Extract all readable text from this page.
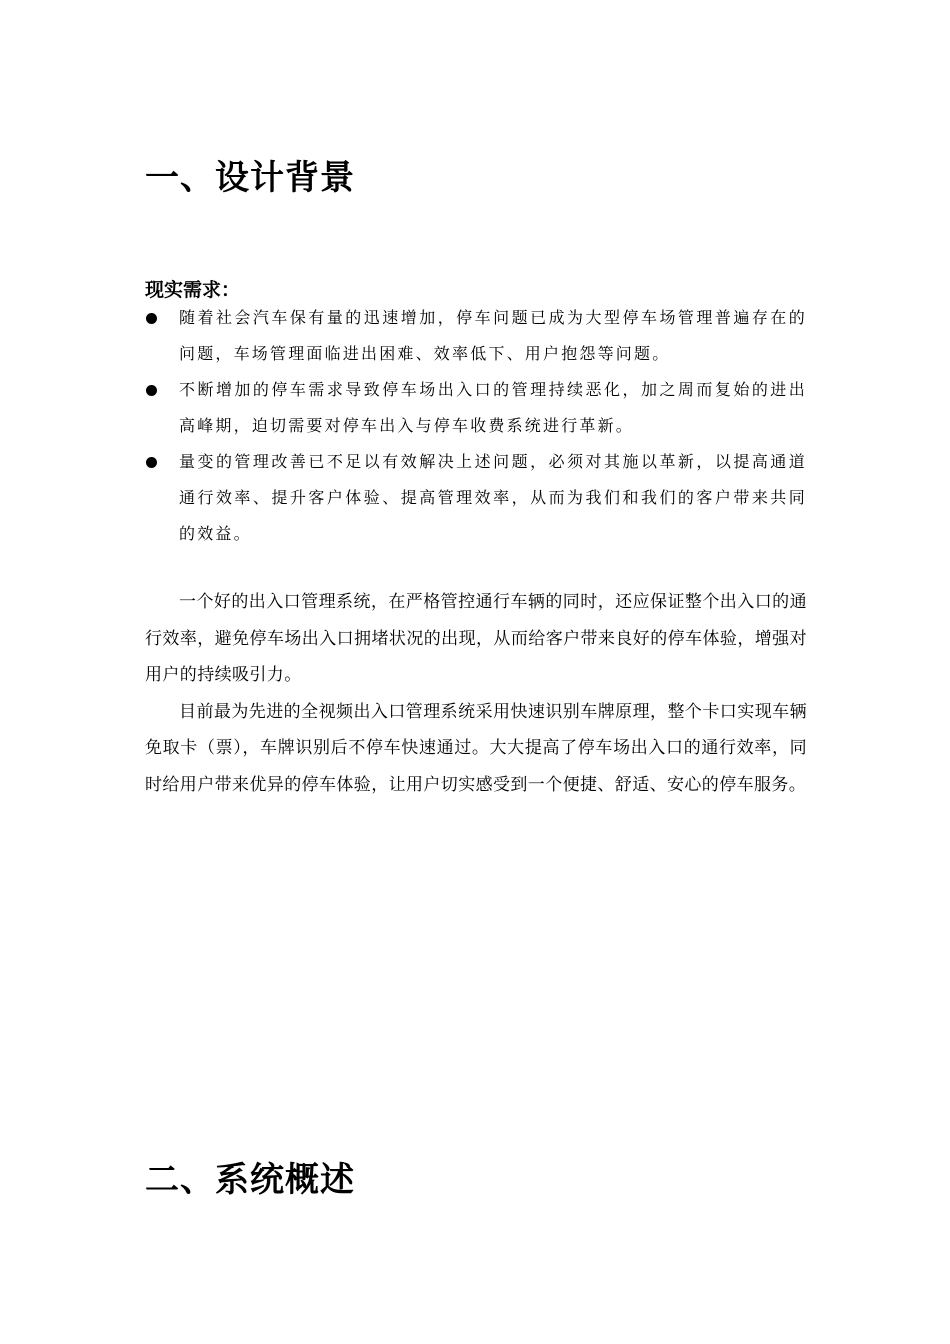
一、设计背景
现实需求：
随着社会汽车保有量的迅速增加，停车问题已成为大型停车场管理普遍存在的问题，车场管理面临进出困难、效率低下、用户抱怨等问题。
不断增加的停车需求导致停车场出入口的管理持续恶化，加之周而复始的进出高峰期，迫切需要对停车出入与停车收费系统进行革新。
量变的管理改善已不足以有效解决上述问题，必须对其施以革新，以提高通道通行效率、提升客户体验、提高管理效率，从而为我们和我们的客户带来共同的效益。

一个好的出入口管理系统，在严格管控通行车辆的同时，还应保证整个出入口的通行效率，避免停车场出入口拥堵状况的出现，从而给客户带来良好的停车体验，增强对用户的持续吸引力。

目前最为先进的全视频出入口管理系统采用快速识别车牌原理，整个卡口实现车辆免取卡（票），车牌识别后不停车快速通过。大大提高了停车场出入口的通行效率，同时给用户带来优异的停车体验，让用户切实感受到一个便捷、舒适、安心的停车服务。

二、系统概述
